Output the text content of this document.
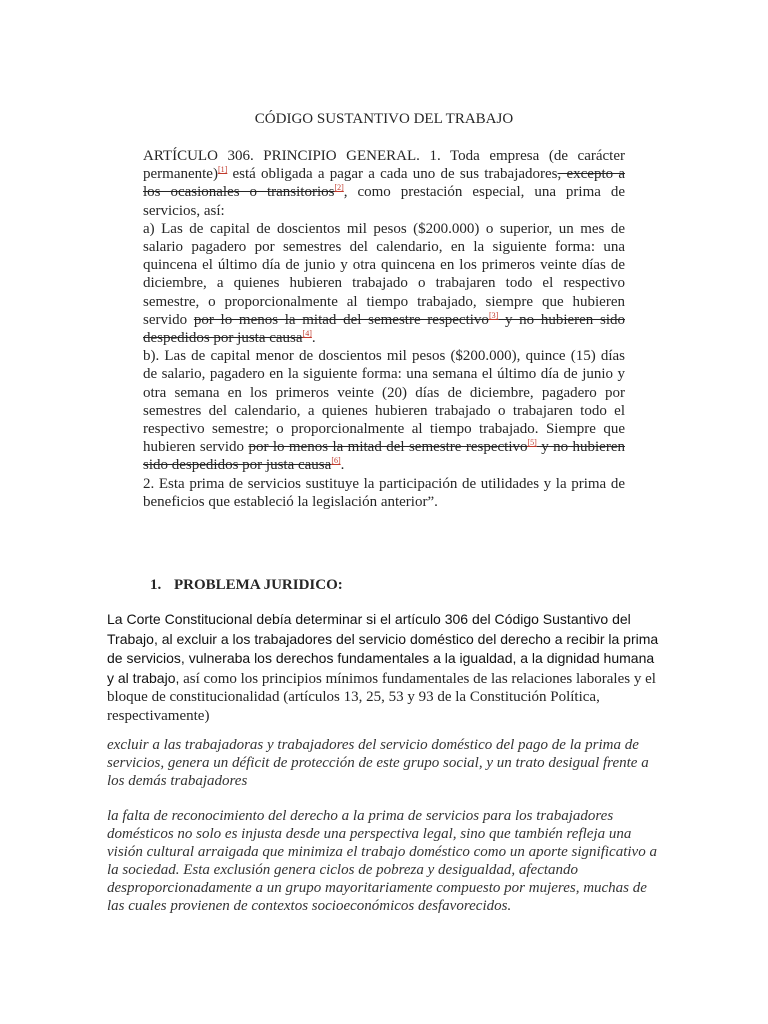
CÓDIGO SUSTANTIVO DEL TRABAJO

ARTÍCULO 306. PRINCIPIO GENERAL. 1. Toda empresa (de carácter permanente)[1] está obligada a pagar a cada uno de sus trabajadores, excepto a los ocasionales o transitorios[2], como prestación especial, una prima de servicios, así:

a) Las de capital de doscientos mil pesos ($200.000) o superior, un mes de salario pagadero por semestres del calendario, en la siguiente forma: una quincena el último día de junio y otra quincena en los primeros veinte días de diciembre, a quienes hubieren trabajado o trabajaren todo el respectivo semestre, o proporcionalmente al tiempo trabajado, siempre que hubieren servido por lo menos la mitad del semestre respectivo[3] y no hubieren sido despedidos por justa causa[4].

b). Las de capital menor de doscientos mil pesos ($200.000), quince (15) días de salario, pagadero en la siguiente forma: una semana el último día de junio y otra semana en los primeros veinte (20) días de diciembre, pagadero por semestres del calendario, a quienes hubieren trabajado o trabajaren todo el respectivo semestre; o proporcionalmente al tiempo trabajado. Siempre que hubieren servido por lo menos la mitad del semestre respectivo[5] y no hubieren sido despedidos por justa causa[6].

2. Esta prima de servicios sustituye la participación de utilidades y la prima de beneficios que estableció la legislación anterior”.

1. PROBLEMA JURIDICO:

La Corte Constitucional debía determinar si el artículo 306 del Código Sustantivo del Trabajo, al excluir a los trabajadores del servicio doméstico del derecho a recibir la prima de servicios, vulneraba los derechos fundamentales a la igualdad, a la dignidad humana y al trabajo, así como los principios mínimos fundamentales de las relaciones laborales y el bloque de constitucionalidad (artículos 13, 25, 53 y 93 de la Constitución Política, respectivamente)

excluir a las trabajadoras y trabajadores del servicio doméstico del pago de la prima de servicios, genera un déficit de protección de este grupo social, y un trato desigual frente a los demás trabajadores

la falta de reconocimiento del derecho a la prima de servicios para los trabajadores domésticos no solo es injusta desde una perspectiva legal, sino que también refleja una visión cultural arraigada que minimiza el trabajo doméstico como un aporte significativo a la sociedad. Esta exclusión genera ciclos de pobreza y desigualdad, afectando desproporcionadamente a un grupo mayoritariamente compuesto por mujeres, muchas de las cuales provienen de contextos socioeconómicos desfavorecidos.
